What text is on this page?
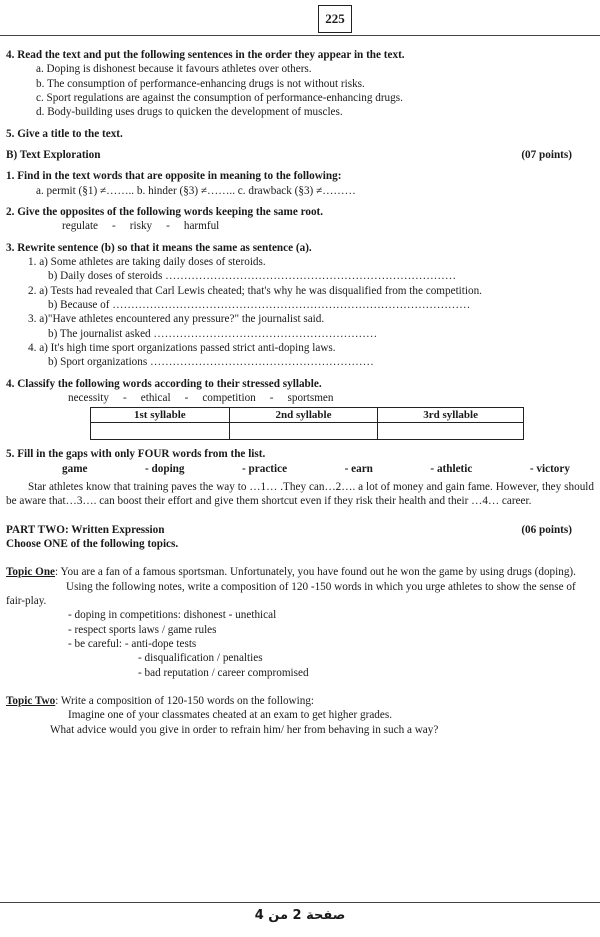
225
4. Read the text and put the following sentences in the order they appear in the text.
a. Doping is dishonest because it favours athletes over others.
b. The consumption of performance-enhancing drugs is not without risks.
c. Sport regulations are against the consumption of performance-enhancing drugs.
d. Body-building uses drugs to quicken the development of muscles.
5. Give a title to the text.
B) Text Exploration	(07 points)
1. Find in the text words that are opposite in meaning to the following:
a. permit (§1) ≠…….. b. hinder (§3) ≠…….. c. drawback (§3) ≠………
2. Give the opposites of the following words keeping the same root.
regulate - risky - harmful
3. Rewrite sentence (b) so that it means the same as sentence (a).
1. a) Some athletes are taking daily doses of steroids.
b) Daily doses of steroids ……………………………………………………………………
2. a) Tests had revealed that Carl Lewis cheated; that's why he was disqualified from the competition.
b) Because of ……………………………………………………………………………………
3. a)"Have athletes encountered any pressure?" the journalist said.
b) The journalist asked ……………………………………………………
4. a) It's high time sport organizations passed strict anti-doping laws.
b) Sport organizations ……………………………………………………
4. Classify the following words according to their stressed syllable.
necessity - ethical - competition - sportsmen
1st syllable	2nd syllable	3rd syllable

5. Fill in the gaps with only FOUR words from the list.
game	- doping	- practice	- earn	- athletic	- victory
Star athletes know that training paves the way to …1… .They can…2…. a lot of money and gain fame. However, they should be aware that…3…. can boost their effort and give them shortcut even if they risk their health and their …4… career.
PART TWO: Written Expression	(06 points)
Choose ONE of the following topics.
Topic One: You are a fan of a famous sportsman. Unfortunately, you have found out he won the game by using drugs (doping).
Using the following notes, write a composition of 120 -150 words in which you urge athletes to show the sense of fair-play.
- doping in competitions: dishonest - unethical
- respect sports laws / game rules
- be careful: - anti-dope tests
- disqualification / penalties
- bad reputation / career compromised
Topic Two: Write a composition of 120-150 words on the following:
Imagine one of your classmates cheated at an exam to get higher grades.
What advice would you give in order to refrain him/ her from behaving in such a way?
صفحة 2 من 4
